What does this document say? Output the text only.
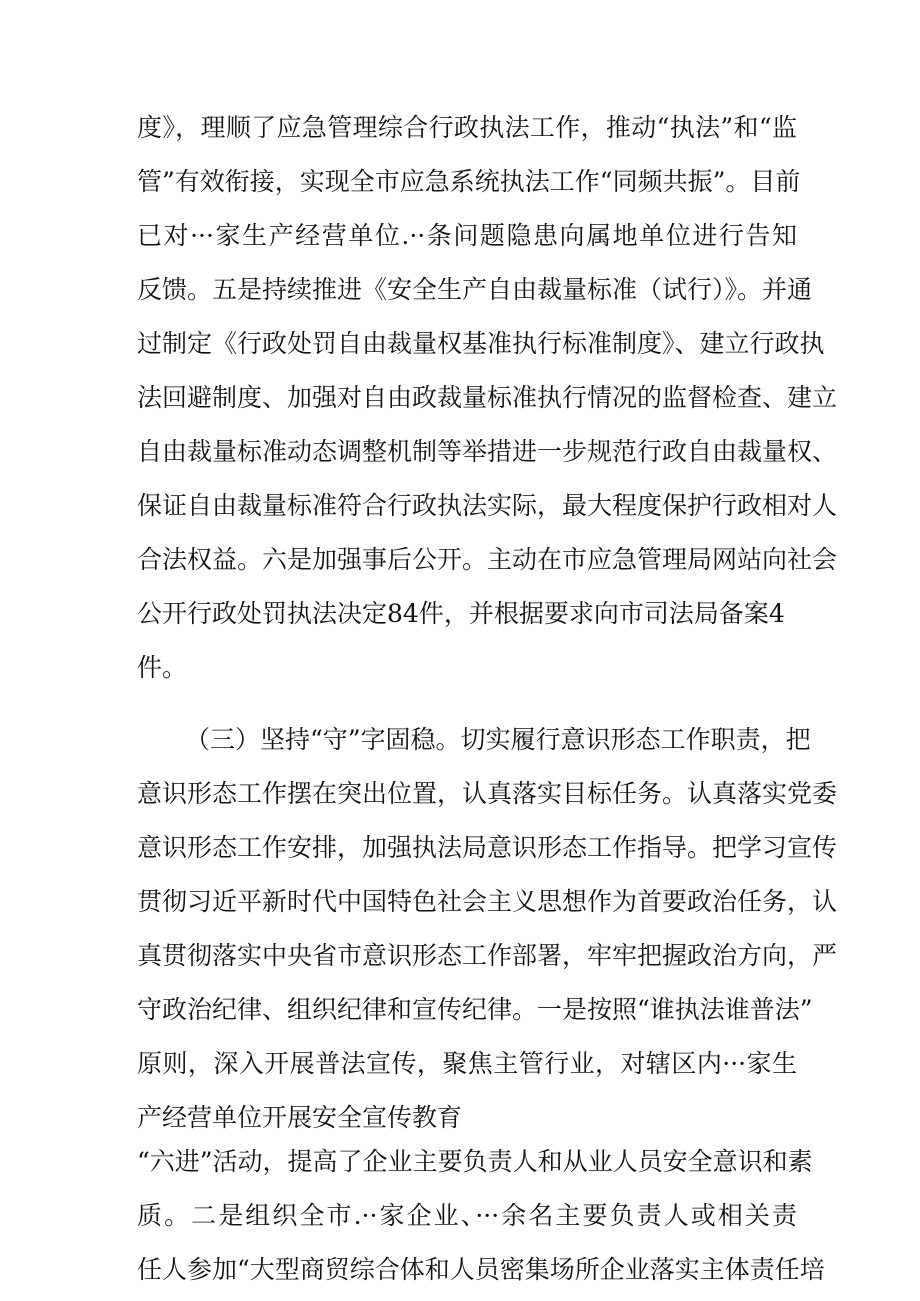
度》，理顺了应急管理综合行政执法工作，推动“执法”和“监

管”有效衔接，实现全市应急系统执法工作“同频共振”。目前

已对···家生产经营单位.··条问题隐患向属地单位进行告知

反馈。五是持续推进《安全生产自由裁量标准（试行）》。并通

过制定《行政处罚自由裁量权基准执行标准制度》、建立行政执

法回避制度、加强对自由政裁量标准执行情况的监督检查、建立

自由裁量标准动态调整机制等举措进一步规范行政自由裁量权、

保证自由裁量标准符合行政执法实际，最大程度保护行政相对人

合法权益。六是加强事后公开。主动在市应急管理局网站向社会

公开行政处罚执法决定84件，并根据要求向市司法局备案4

件。

（三）坚持“守”字固稳。切实履行意识形态工作职责，把

意识形态工作摆在突出位置，认真落实目标任务。认真落实党委

意识形态工作安排，加强执法局意识形态工作指导。把学习宣传

贯彻习近平新时代中国特色社会主义思想作为首要政治任务，认

真贯彻落实中央省市意识形态工作部署，牢牢把握政治方向，严

守政治纪律、组织纪律和宣传纪律。一是按照“谁执法谁普法”

原则，深入开展普法宣传，聚焦主管行业，对辖区内···家生

产经营单位开展安全宣传教育

“六进”活动，提高了企业主要负责人和从业人员安全意识和素

质。二是组织全市.··家企业、···余名主要负责人或相关责

任人参加“大型商贸综合体和人员密集场所企业落实主体责任培
